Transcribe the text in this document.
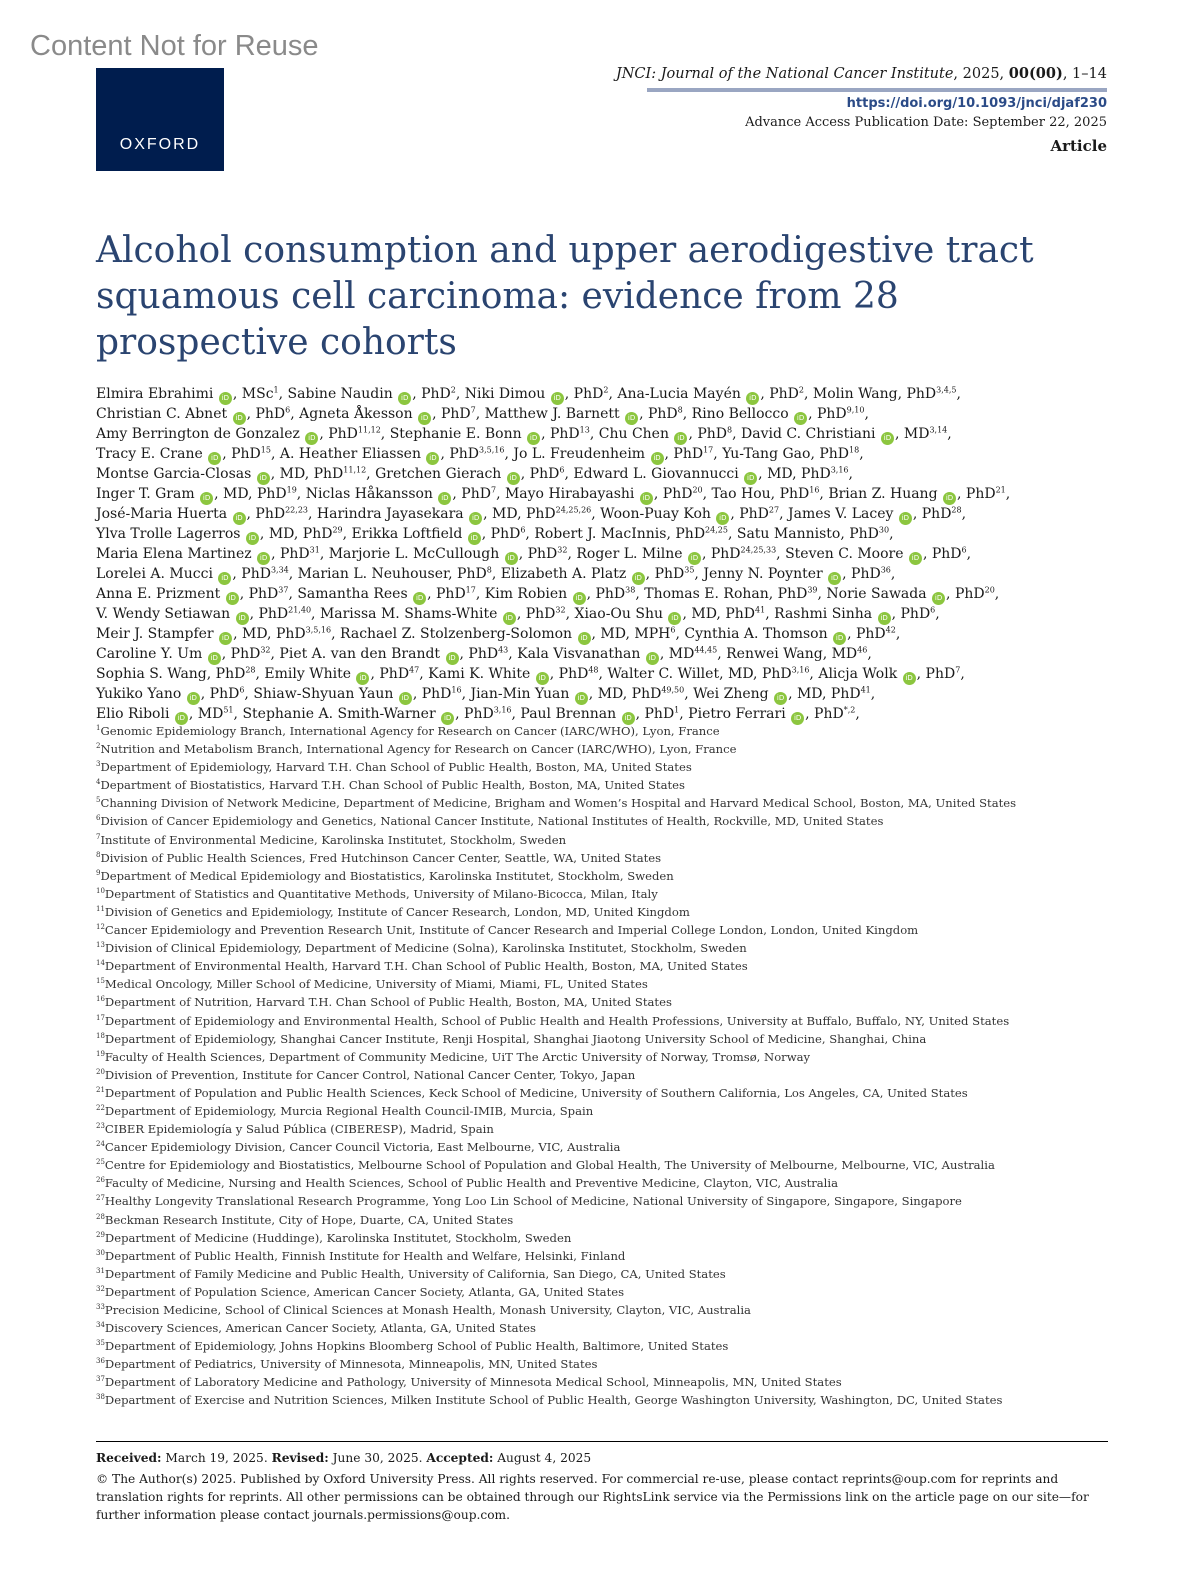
Content Not for Reuse
OXFORD
JNCI: Journal of the National Cancer Institute, 2025, 00(00), 1–14
https://doi.org/10.1093/jnci/djaf230
Advance Access Publication Date: September 22, 2025
Article
Alcohol consumption and upper aerodigestive tract squamous cell carcinoma: evidence from 28 prospective cohorts
Elmira Ebrahimi iD , MSc$^1$, Sabine Naudin iD , PhD$^2$, Niki Dimou iD , PhD$^2$, Ana-Lucia Mayén iD , PhD$^2$, Molin Wang, PhD$^{3,4,5}$,
Christian C. Abnet iD , PhD$^6$, Agneta Åkesson iD , PhD$^7$, Matthew J. Barnett iD , PhD$^8$, Rino Bellocco iD , PhD$^{9,10}$,
Amy Berrington de Gonzalez iD , PhD$^{11,12}$, Stephanie E. Bonn iD , PhD$^{13}$, Chu Chen iD , PhD$^8$, David C. Christiani iD , MD$^{3,14}$,
Tracy E. Crane iD , PhD$^{15}$, A. Heather Eliassen iD , PhD$^{3,5,16}$, Jo L. Freudenheim iD , PhD$^{17}$, Yu-Tang Gao, PhD$^{18}$,
Montse Garcia-Closas iD , MD, PhD$^{11,12}$, Gretchen Gierach iD , PhD$^6$, Edward L. Giovannucci iD , MD, PhD$^{3,16}$,
Inger T. Gram iD , MD, PhD$^{19}$, Niclas Håkansson iD , PhD$^7$, Mayo Hirabayashi iD , PhD$^{20}$, Tao Hou, PhD$^{16}$, Brian Z. Huang iD , PhD$^{21}$,
José-Maria Huerta iD , PhD$^{22,23}$, Harindra Jayasekara iD , MD, PhD$^{24,25,26}$, Woon-Puay Koh iD , PhD$^{27}$, James V. Lacey iD , PhD$^{28}$,
Ylva Trolle Lagerros iD , MD, PhD$^{29}$, Erikka Loftfield iD , PhD$^6$, Robert J. MacInnis, PhD$^{24,25}$, Satu Mannisto, PhD$^{30}$,
Maria Elena Martinez iD , PhD$^{31}$, Marjorie L. McCullough iD , PhD$^{32}$, Roger L. Milne iD , PhD$^{24,25,33}$, Steven C. Moore iD , PhD$^6$,
Lorelei A. Mucci iD , PhD$^{3,34}$, Marian L. Neuhouser, PhD$^8$, Elizabeth A. Platz iD , PhD$^{35}$, Jenny N. Poynter iD , PhD$^{36}$,
Anna E. Prizment iD , PhD$^{37}$, Samantha Rees iD , PhD$^{17}$, Kim Robien iD , PhD$^{38}$, Thomas E. Rohan, PhD$^{39}$, Norie Sawada iD , PhD$^{20}$,
V. Wendy Setiawan iD , PhD$^{21,40}$, Marissa M. Shams-White iD , PhD$^{32}$, Xiao-Ou Shu iD , MD, PhD$^{41}$, Rashmi Sinha iD , PhD$^6$,
Meir J. Stampfer iD , MD, PhD$^{3,5,16}$, Rachael Z. Stolzenberg-Solomon iD , MD, MPH$^6$, Cynthia A. Thomson iD , PhD$^{42}$,
Caroline Y. Um iD , PhD$^{32}$, Piet A. van den Brandt iD , PhD$^{43}$, Kala Visvanathan iD , MD$^{44,45}$, Renwei Wang, MD$^{46}$,
Sophia S. Wang, PhD$^{28}$, Emily White iD , PhD$^{47}$, Kami K. White iD , PhD$^{48}$, Walter C. Willet, MD, PhD$^{3,16}$, Alicja Wolk iD , PhD$^7$,
Yukiko Yano iD , PhD$^6$, Shiaw-Shyuan Yaun iD , PhD$^{16}$, Jian-Min Yuan iD , MD, PhD$^{49,50}$, Wei Zheng iD , MD, PhD$^{41}$,
Elio Riboli iD , MD$^{51}$, Stephanie A. Smith-Warner iD , PhD$^{3,16}$, Paul Brennan iD , PhD$^1$, Pietro Ferrari iD , PhD$^{*,2}$,
$^1$Genomic Epidemiology Branch, International Agency for Research on Cancer (IARC/WHO), Lyon, France
$^2$Nutrition and Metabolism Branch, International Agency for Research on Cancer (IARC/WHO), Lyon, France
$^3$Department of Epidemiology, Harvard T.H. Chan School of Public Health, Boston, MA, United States
$^4$Department of Biostatistics, Harvard T.H. Chan School of Public Health, Boston, MA, United States
$^5$Channing Division of Network Medicine, Department of Medicine, Brigham and Women’s Hospital and Harvard Medical School, Boston, MA, United States
$^6$Division of Cancer Epidemiology and Genetics, National Cancer Institute, National Institutes of Health, Rockville, MD, United States
$^7$Institute of Environmental Medicine, Karolinska Institutet, Stockholm, Sweden
$^8$Division of Public Health Sciences, Fred Hutchinson Cancer Center, Seattle, WA, United States
$^9$Department of Medical Epidemiology and Biostatistics, Karolinska Institutet, Stockholm, Sweden
$^{10}$Department of Statistics and Quantitative Methods, University of Milano-Bicocca, Milan, Italy
$^{11}$Division of Genetics and Epidemiology, Institute of Cancer Research, London, MD, United Kingdom
$^{12}$Cancer Epidemiology and Prevention Research Unit, Institute of Cancer Research and Imperial College London, London, United Kingdom
$^{13}$Division of Clinical Epidemiology, Department of Medicine (Solna), Karolinska Institutet, Stockholm, Sweden
$^{14}$Department of Environmental Health, Harvard T.H. Chan School of Public Health, Boston, MA, United States
$^{15}$Medical Oncology, Miller School of Medicine, University of Miami, Miami, FL, United States
$^{16}$Department of Nutrition, Harvard T.H. Chan School of Public Health, Boston, MA, United States
$^{17}$Department of Epidemiology and Environmental Health, School of Public Health and Health Professions, University at Buffalo, Buffalo, NY, United States
$^{18}$Department of Epidemiology, Shanghai Cancer Institute, Renji Hospital, Shanghai Jiaotong University School of Medicine, Shanghai, China
$^{19}$Faculty of Health Sciences, Department of Community Medicine, UiT The Arctic University of Norway, Tromsø, Norway
$^{20}$Division of Prevention, Institute for Cancer Control, National Cancer Center, Tokyo, Japan
$^{21}$Department of Population and Public Health Sciences, Keck School of Medicine, University of Southern California, Los Angeles, CA, United States
$^{22}$Department of Epidemiology, Murcia Regional Health Council-IMIB, Murcia, Spain
$^{23}$CIBER Epidemiología y Salud Pública (CIBERESP), Madrid, Spain
$^{24}$Cancer Epidemiology Division, Cancer Council Victoria, East Melbourne, VIC, Australia
$^{25}$Centre for Epidemiology and Biostatistics, Melbourne School of Population and Global Health, The University of Melbourne, Melbourne, VIC, Australia
$^{26}$Faculty of Medicine, Nursing and Health Sciences, School of Public Health and Preventive Medicine, Clayton, VIC, Australia
$^{27}$Healthy Longevity Translational Research Programme, Yong Loo Lin School of Medicine, National University of Singapore, Singapore, Singapore
$^{28}$Beckman Research Institute, City of Hope, Duarte, CA, United States
$^{29}$Department of Medicine (Huddinge), Karolinska Institutet, Stockholm, Sweden
$^{30}$Department of Public Health, Finnish Institute for Health and Welfare, Helsinki, Finland
$^{31}$Department of Family Medicine and Public Health, University of California, San Diego, CA, United States
$^{32}$Department of Population Science, American Cancer Society, Atlanta, GA, United States
$^{33}$Precision Medicine, School of Clinical Sciences at Monash Health, Monash University, Clayton, VIC, Australia
$^{34}$Discovery Sciences, American Cancer Society, Atlanta, GA, United States
$^{35}$Department of Epidemiology, Johns Hopkins Bloomberg School of Public Health, Baltimore, United States
$^{36}$Department of Pediatrics, University of Minnesota, Minneapolis, MN, United States
$^{37}$Department of Laboratory Medicine and Pathology, University of Minnesota Medical School, Minneapolis, MN, United States
$^{38}$Department of Exercise and Nutrition Sciences, Milken Institute School of Public Health, George Washington University, Washington, DC, United States
Received: March 19, 2025. Revised: June 30, 2025. Accepted: August 4, 2025
© The Author(s) 2025. Published by Oxford University Press. All rights reserved. For commercial re-use, please contact reprints@oup.com for reprints and translation rights for reprints. All other permissions can be obtained through our RightsLink service via the Permissions link on the article page on our site—for further information please contact journals.permissions@oup.com.
